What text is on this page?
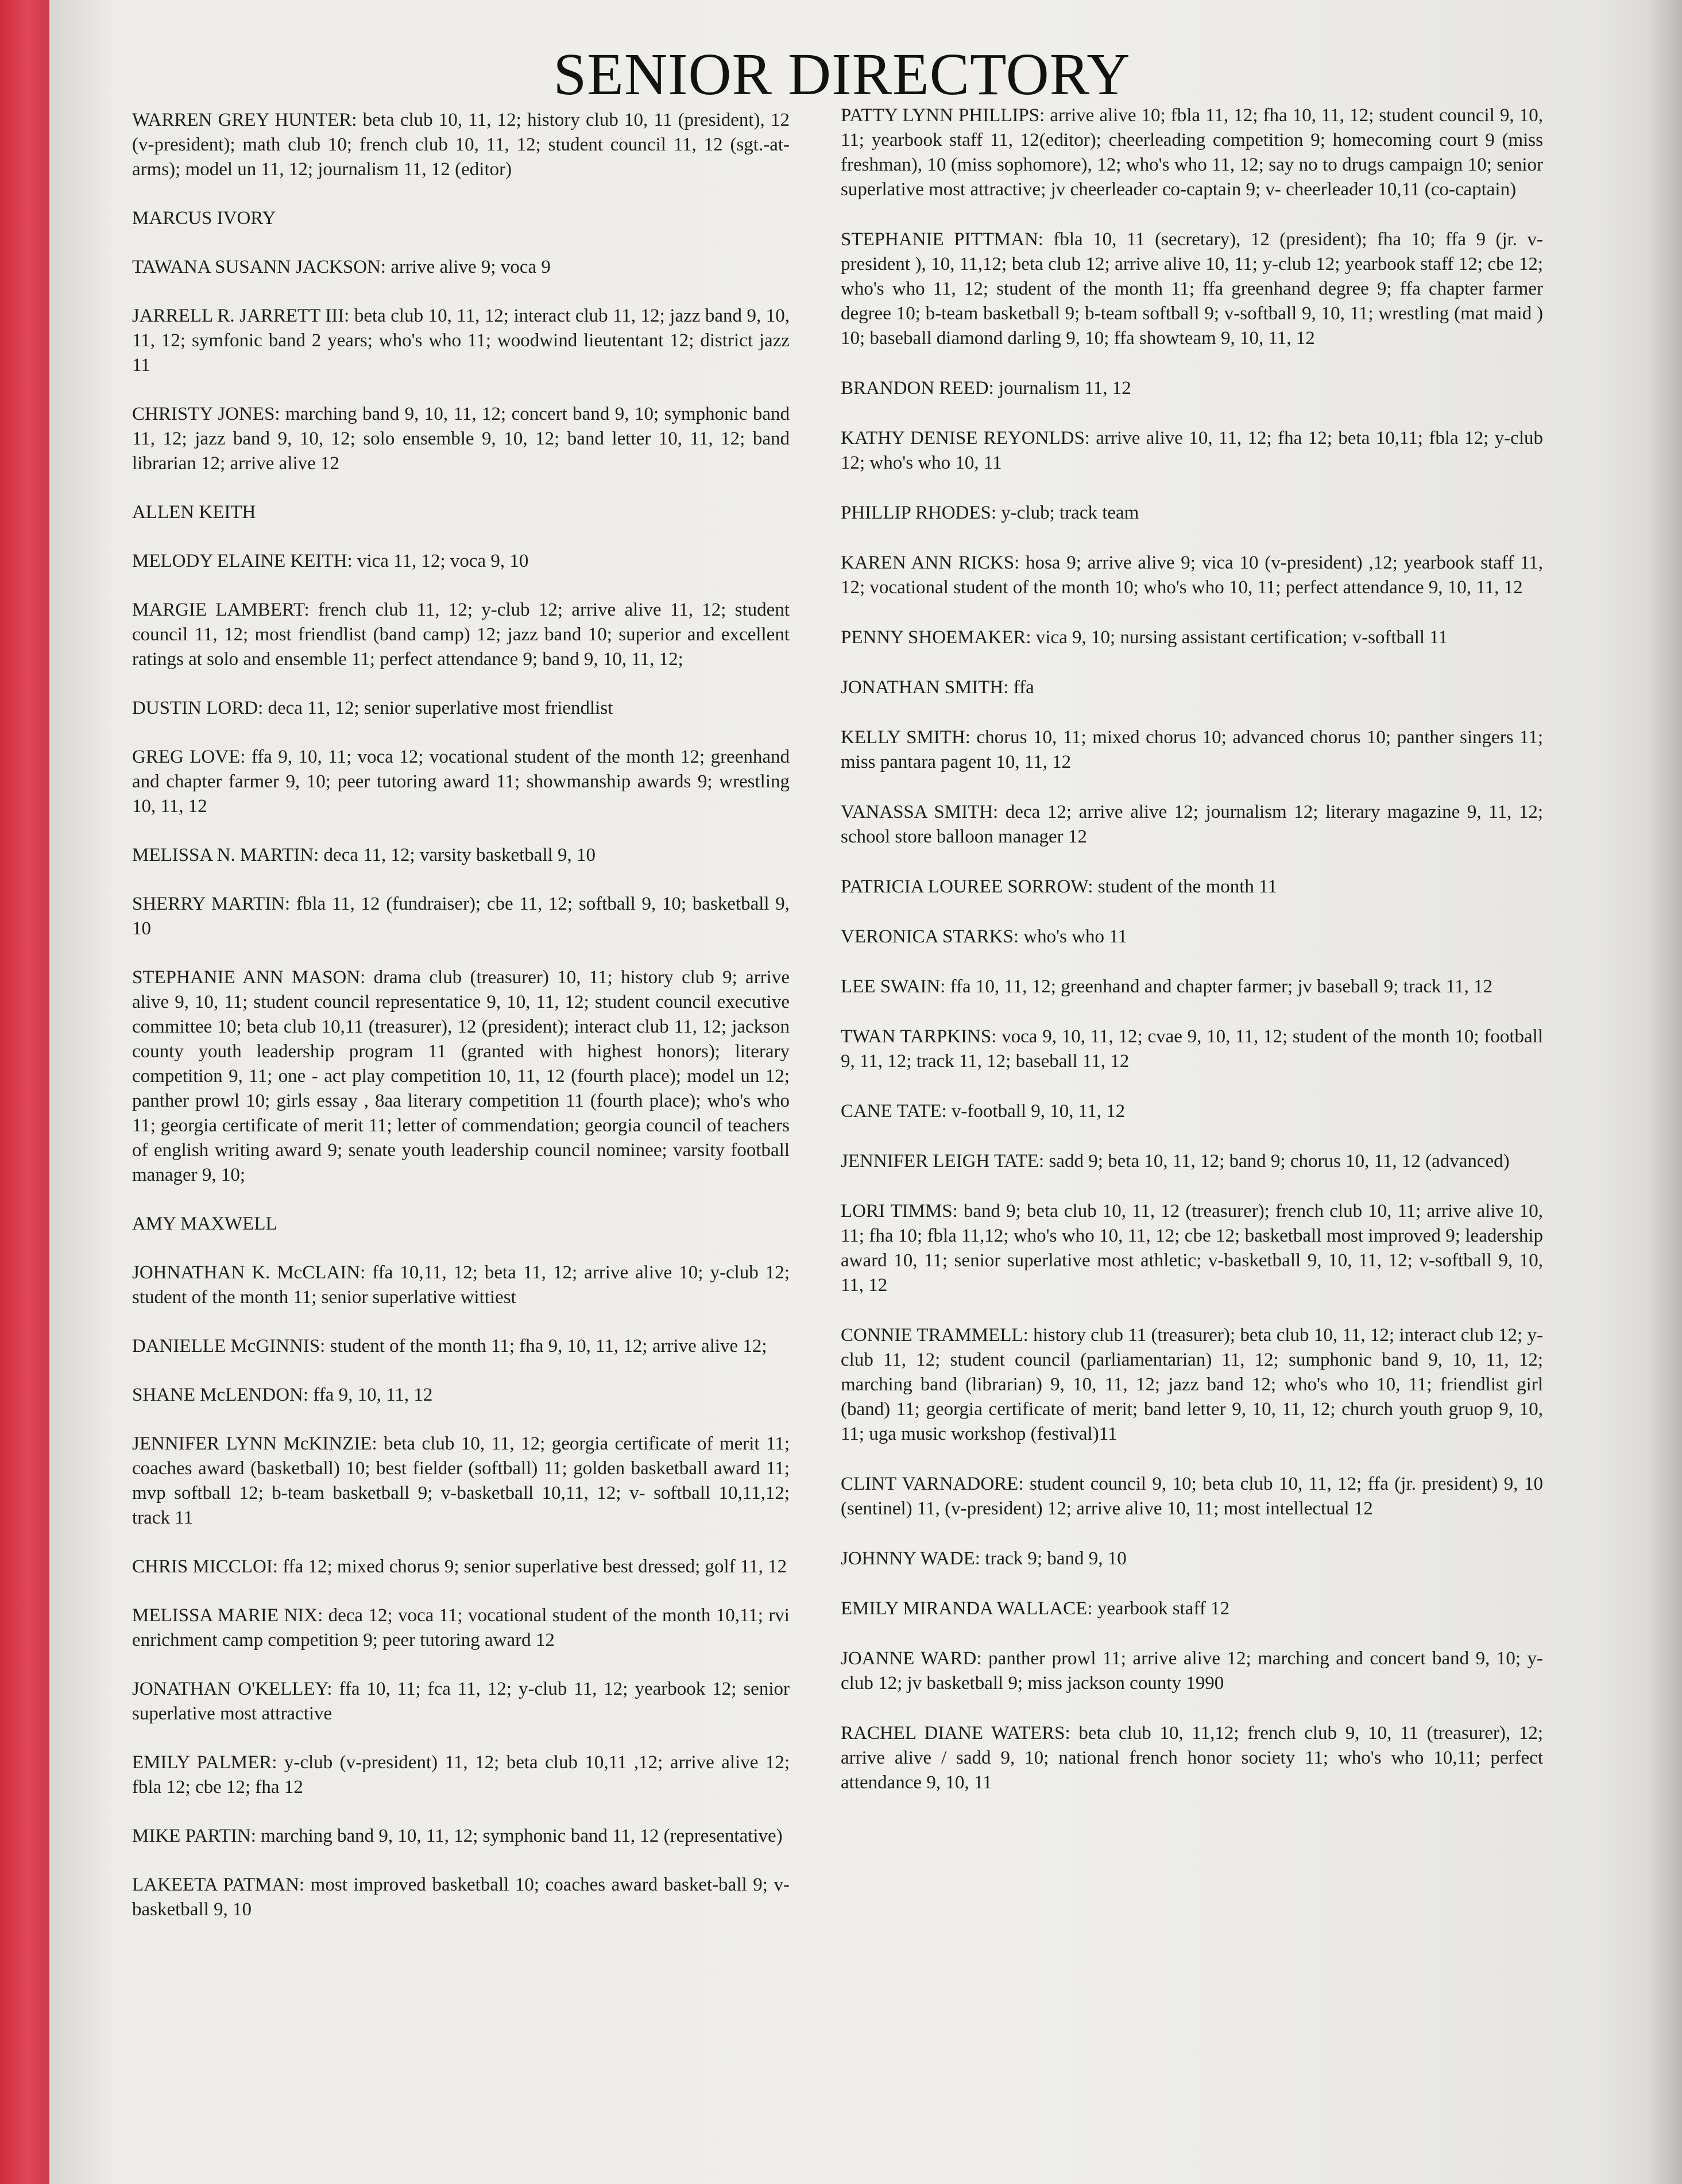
SENIOR DIRECTORY

WARREN GREY HUNTER: beta club 10, 11, 12; history club 10, 11 (president), 12 (v-president); math club 10; french club 10, 11, 12; student council 11, 12 (sgt.-at-arms); model un 11, 12; journalism 11, 12 (editor)

MARCUS IVORY

TAWANA SUSANN JACKSON: arrive alive 9; voca 9

JARRELL R. JARRETT III: beta club 10, 11, 12; interact club 11, 12; jazz band 9, 10, 11, 12; symfonic band 2 years; who's who 11; woodwind lieutentant 12; district jazz 11

CHRISTY JONES: marching band 9, 10, 11, 12; concert band 9, 10; symphonic band 11, 12; jazz band 9, 10, 12; solo ensemble 9, 10, 12; band letter 10, 11, 12; band librarian 12; arrive alive 12

ALLEN KEITH

MELODY ELAINE KEITH: vica 11, 12; voca 9, 10

MARGIE LAMBERT: french club 11, 12; y-club 12; arrive alive 11, 12; student council 11, 12; most friendlist (band camp) 12; jazz band 10; superior and excellent ratings at solo and ensemble 11; perfect attendance 9; band 9, 10, 11, 12;

DUSTIN LORD: deca 11, 12; senior superlative most friendlist

GREG LOVE: ffa 9, 10, 11; voca 12; vocational student of the month 12; greenhand and chapter farmer 9, 10; peer tutoring award 11; showmanship awards 9; wrestling 10, 11, 12

MELISSA N. MARTIN: deca 11, 12; varsity basketball 9, 10

SHERRY MARTIN: fbla 11, 12 (fundraiser); cbe 11, 12; softball 9, 10; basketball 9, 10

STEPHANIE ANN MASON: drama club (treasurer) 10, 11; history club 9; arrive alive 9, 10, 11; student council representatice 9, 10, 11, 12; student council executive committee 10; beta club 10,11 (treasurer), 12 (president); interact club 11, 12; jackson county youth leadership program 11 (granted with highest honors); literary competition 9, 11; one - act play competition 10, 11, 12 (fourth place); model un 12; panther prowl 10; girls essay , 8aa literary competition 11 (fourth place); who's who 11; georgia certificate of merit 11; letter of commendation; georgia council of teachers of english writing award 9; senate youth leadership council nominee; varsity football manager 9, 10;

AMY MAXWELL

JOHNATHAN K. McCLAIN: ffa 10,11, 12; beta 11, 12; arrive alive 10; y-club 12; student of the month 11; senior superlative wittiest

DANIELLE McGINNIS: student of the month 11; fha 9, 10, 11, 12; arrive alive 12;

SHANE McLENDON: ffa 9, 10, 11, 12

JENNIFER LYNN McKINZIE: beta club 10, 11, 12; georgia certificate of merit 11; coaches award (basketball) 10; best fielder (softball) 11; golden basketball award 11; mvp softball 12; b-team basketball 9; v-basketball 10,11, 12; v- softball 10,11,12; track 11

CHRIS MICCLOI: ffa 12; mixed chorus 9; senior superlative best dressed; golf 11, 12

MELISSA MARIE NIX: deca 12; voca 11; vocational student of the month 10,11; rvi enrichment camp competition 9; peer tutoring award 12

JONATHAN O'KELLEY: ffa 10, 11; fca 11, 12; y-club 11, 12; yearbook 12; senior superlative most attractive

EMILY PALMER: y-club (v-president) 11, 12; beta club 10,11 ,12; arrive alive 12; fbla 12; cbe 12; fha 12

MIKE PARTIN: marching band 9, 10, 11, 12; symphonic band 11, 12 (representative)

LAKEETA PATMAN: most improved basketball 10; coaches award basket-ball 9; v-basketball 9, 10

PATTY LYNN PHILLIPS: arrive alive 10; fbla 11, 12; fha 10, 11, 12; student council 9, 10, 11; yearbook staff 11, 12(editor); cheerleading competition 9; homecoming court 9 (miss freshman), 10 (miss sophomore), 12; who's who 11, 12; say no to drugs campaign 10; senior superlative most attractive; jv cheerleader co-captain 9; v- cheerleader 10,11 (co-captain)

STEPHANIE PITTMAN: fbla 10, 11 (secretary), 12 (president); fha 10; ffa 9 (jr. v-president ), 10, 11,12; beta club 12; arrive alive 10, 11; y-club 12; yearbook staff 12; cbe 12; who's who 11, 12; student of the month 11; ffa greenhand degree 9; ffa chapter farmer degree 10; b-team basketball 9; b-team softball 9; v-softball 9, 10, 11; wrestling (mat maid ) 10; baseball diamond darling 9, 10; ffa showteam 9, 10, 11, 12

BRANDON REED: journalism 11, 12

KATHY DENISE REYONLDS: arrive alive 10, 11, 12; fha 12; beta 10,11; fbla 12; y-club 12; who's who 10, 11

PHILLIP RHODES: y-club; track team

KAREN ANN RICKS: hosa 9; arrive alive 9; vica 10 (v-president) ,12; yearbook staff 11, 12; vocational student of the month 10; who's who 10, 11; perfect attendance 9, 10, 11, 12

PENNY SHOEMAKER: vica 9, 10; nursing assistant certification; v-softball 11

JONATHAN SMITH: ffa

KELLY SMITH: chorus 10, 11; mixed chorus 10; advanced chorus 10; panther singers 11; miss pantara pagent 10, 11, 12

VANASSA SMITH: deca 12; arrive alive 12; journalism 12; literary magazine 9, 11, 12; school store balloon manager 12

PATRICIA LOUREE SORROW: student of the month 11

VERONICA STARKS: who's who 11

LEE SWAIN: ffa 10, 11, 12; greenhand and chapter farmer; jv baseball 9; track 11, 12

TWAN TARPKINS: voca 9, 10, 11, 12; cvae 9, 10, 11, 12; student of the month 10; football 9, 11, 12; track 11, 12; baseball 11, 12

CANE TATE: v-football 9, 10, 11, 12

JENNIFER LEIGH TATE: sadd 9; beta 10, 11, 12; band 9; chorus 10, 11, 12 (advanced)

LORI TIMMS: band 9; beta club 10, 11, 12 (treasurer); french club 10, 11; arrive alive 10, 11; fha 10; fbla 11,12; who's who 10, 11, 12; cbe 12; basketball most improved 9; leadership award 10, 11; senior superlative most athletic; v-basketball 9, 10, 11, 12; v-softball 9, 10, 11, 12

CONNIE TRAMMELL: history club 11 (treasurer); beta club 10, 11, 12; interact club 12; y-club 11, 12; student council (parliamentarian) 11, 12; sumphonic band 9, 10, 11, 12; marching band (librarian) 9, 10, 11, 12; jazz band 12; who's who 10, 11; friendlist girl (band) 11; georgia certificate of merit; band letter 9, 10, 11, 12; church youth gruop 9, 10, 11; uga music workshop (festival)11

CLINT VARNADORE: student council 9, 10; beta club 10, 11, 12; ffa (jr. president) 9, 10 (sentinel) 11, (v-president) 12; arrive alive 10, 11; most intellectual 12

JOHNNY WADE: track 9; band 9, 10

EMILY MIRANDA WALLACE: yearbook staff 12

JOANNE WARD: panther prowl 11; arrive alive 12; marching and concert band 9, 10; y-club 12; jv basketball 9; miss jackson county 1990

RACHEL DIANE WATERS: beta club 10, 11,12; french club 9, 10, 11 (treasurer), 12; arrive alive / sadd 9, 10; national french honor society 11; who's who 10,11; perfect attendance 9, 10, 11
